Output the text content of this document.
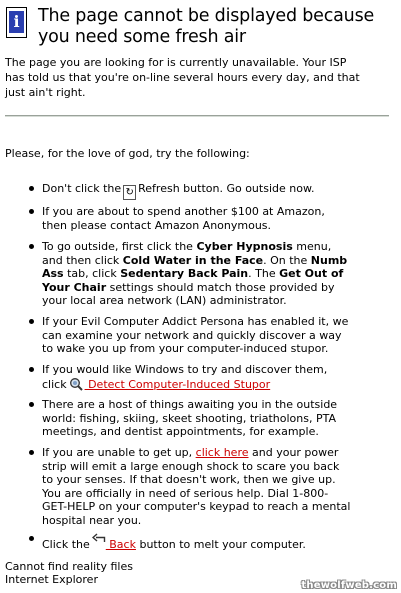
i The page cannot be displayed because
you need some fresh air
The page you are looking for is currently unavailable. Your ISP
has told us that you're on-line several hours every day, and that
just ain't right.
Please, for the love of god, try the following:
Don't click the ↻ Refresh button. Go outside now.
If you are about to spend another $100 at Amazon,
then please contact Amazon Anonymous.
To go outside, first click the Cyber Hypnosis menu,
and then click Cold Water in the Face. On the Numb
Ass tab, click Sedentary Back Pain. The Get Out of
Your Chair settings should match those provided by
your local area network (LAN) administrator.
If your Evil Computer Addict Persona has enabled it, we
can examine your network and quickly discover a way
to wake you up from your computer-induced stupor.
If you would like Windows to try and discover them,
click Detect Computer-Induced Stupor
There are a host of things awaiting you in the outside
world: fishing, skiing, skeet shooting, triatholons, PTA
meetings, and dentist appointments, for example.
If you are unable to get up, click here and your power
strip will emit a large enough shock to scare you back
to your senses. If that doesn't work, then we give up.
You are officially in need of serious help. Dial 1-800-
GET-HELP on your computer's keypad to reach a mental
hospital near you.
Click the Back button to melt your computer.
Cannot find reality files
Internet Explorer	thewolfweb.com
